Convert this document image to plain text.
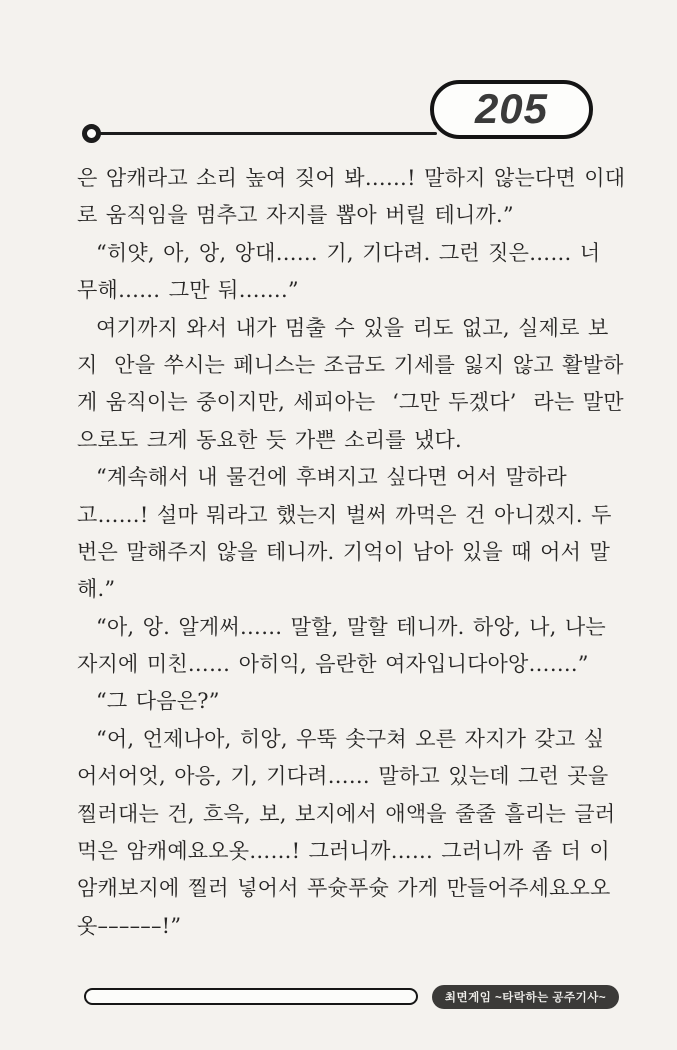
205
은 암캐라고 소리 높여 짖어 봐……! 말하지 않는다면 이대
로 움직임을 멈추고 자지를 뽑아 버릴 테니까.”
“히얏, 아, 앙, 앙대…… 기, 기다려. 그런 짓은…… 너
무해…… 그만 둬…….”
여기까지 와서 내가 멈출 수 있을 리도 없고, 실제로 보
지  안을 쑤시는 페니스는 조금도 기세를 잃지 않고 활발하
게 움직이는 중이지만, 세피아는  ‘그만 두겠다’  라는 말만
으로도 크게 동요한 듯 가쁜 소리를 냈다.
“계속해서 내 물건에 후벼지고 싶다면 어서 말하라
고……! 설마 뭐라고 했는지 벌써 까먹은 건 아니겠지. 두
번은 말해주지 않을 테니까. 기억이 남아 있을 때 어서 말
해.”
“아, 앙. 알게써…… 말할, 말할 테니까. 하앙, 나, 나는
자지에 미친…… 아히익, 음란한 여자입니다아앙…….”
“그 다음은?”
“어, 언제나아, 히앙, 우뚝 솟구쳐 오른 자지가 갖고 싶
어서어엇, 아응, 기, 기다려…… 말하고 있는데 그런 곳을
찔러대는 건, 흐윽, 보, 보지에서 애액을 줄줄 흘리는 글러
먹은 암캐예요오옷……! 그러니까…… 그러니까 좀 더 이
암캐보지에 찔러 넣어서 푸슛푸슛 가게 만들어주세요오오
옷––––––!”
최면게임 ~타락하는 공주기사~
